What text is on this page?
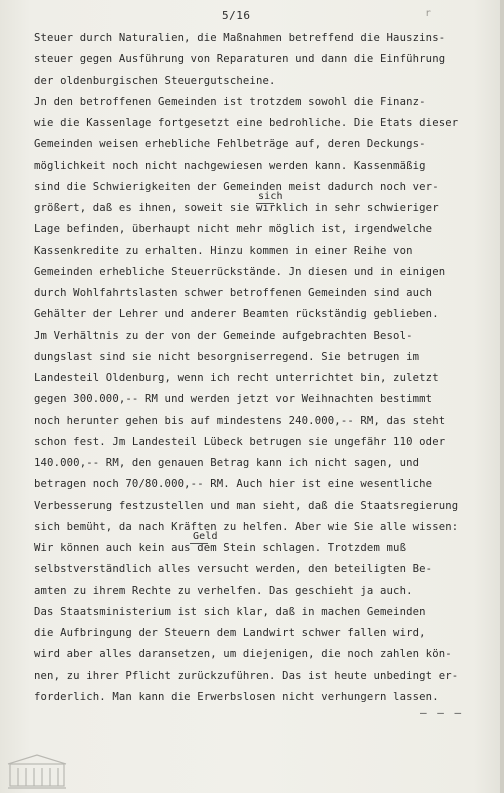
5/16	r
Steuer durch Naturalien, die Maßnahmen betreffend die Hauszins-
steuer gegen Ausführung von Reparaturen und dann die Einführung
der oldenburgischen Steuergutscheine.
Jn den betroffenen Gemeinden ist trotzdem sowohl die Finanz-
wie die Kassenlage fortgesetzt eine bedrohliche. Die Etats dieser
Gemeinden weisen erhebliche Fehlbeträge auf, deren Deckungs-
möglichkeit noch nicht nachgewiesen werden kann. Kassenmäßig
sind die Schwierigkeiten der Gemeinden meist dadurch noch ver-
größert, daß es ihnen, soweit sie wirklich in sehr schwieriger
sich
Lage befinden, überhaupt nicht mehr möglich ist, irgendwelche
Kassenkredite zu erhalten. Hinzu kommen in einer Reihe von
Gemeinden erhebliche Steuerrückstände. Jn diesen und in einigen
durch Wohlfahrtslasten schwer betroffenen Gemeinden sind auch
Gehälter der Lehrer und anderer Beamten rückständig geblieben.
Jm Verhältnis zu der von der Gemeinde aufgebrachten Besol-
dungslast sind sie nicht besorgniserregend. Sie betrugen im
Landesteil Oldenburg, wenn ich recht unterrichtet bin, zuletzt
gegen 300.000,-- RM und werden jetzt vor Weihnachten bestimmt
noch herunter gehen bis auf mindestens 240.000,-- RM, das steht
schon fest. Jm Landesteil Lübeck betrugen sie ungefähr 110 oder
140.000,-- RM, den genauen Betrag kann ich nicht sagen, und
betragen noch 70/80.000,-- RM. Auch hier ist eine wesentliche
Verbesserung festzustellen und man sieht, daß die Staatsregierung
sich bemüht, da nach Kräften zu helfen. Aber wie Sie alle wissen:
Wir können auch kein aus dem Stein schlagen. Trotzdem muß
Geld
selbstverständlich alles versucht werden, den beteiligten Be-
amten zu ihrem Rechte zu verhelfen. Das geschieht ja auch.
Das Staatsministerium ist sich klar, daß in machen Gemeinden
die Aufbringung der Steuern dem Landwirt schwer fallen wird,
wird aber alles daransetzen, um diejenigen, die noch zahlen kön-
nen, zu ihrer Pflicht zurückzuführen. Das ist heute unbedingt er-
forderlich. Man kann die Erwerbslosen nicht verhungern lassen.
— — —
